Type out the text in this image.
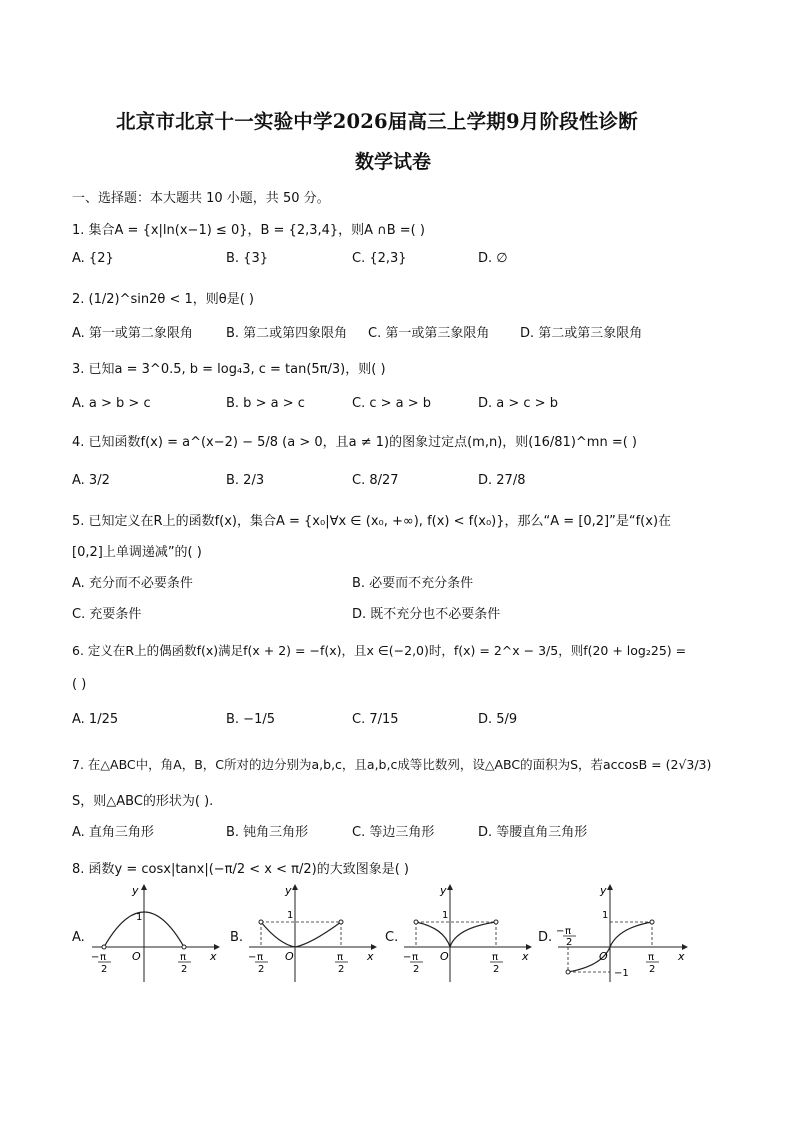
北京市北京十一实验中学2026届高三上学期9月阶段性诊断
数学试卷
一、选择题：本大题共 10 小题，共 50 分。
1. 集合A = {x|ln(x−1) ≤ 0}，B = {2,3,4}，则A ∩B =( )
A. {2}	B. {3}	C. {2,3}	D. ∅
2. (1/2)^sin2θ < 1，则θ是( )
A. 第一或第二象限角	B. 第二或第四象限角 C. 第一或第三象限角 D. 第二或第三象限角
3. 已知a = 3^0.5, b = log₄3, c = tan(5π/3)，则( )
A. a > b > c	B. b > a > c	C. c > a > b	D. a > c > b
4. 已知函数f(x) = a^(x−2) − 5/8 (a > 0，且a ≠ 1)的图象过定点(m,n)，则(16/81)^mn =( )
A. 3/2	B. 2/3	C. 8/27	D. 27/8
5. 已知定义在R上的函数f(x)，集合A = {x₀|∀x ∈ (x₀, +∞), f(x) < f(x₀)}，那么“A = [0,2]”是“f(x)在
[0,2]上单调递减”的( )
A. 充分而不必要条件	B. 必要而不充分条件
C. 充要条件	D. 既不充分也不必要条件
6. 定义在R上的偶函数f(x)满足f(x + 2) = −f(x)，且x ∈(−2,0)时，f(x) = 2^x − 3/5，则f(20 + log₂25) =
( )
A. 1/25	B. −1/5	C. 7/15	D. 5/9
7. 在△ABC中，角A，B，C所对的边分别为a,b,c，且a,b,c成等比数列，设△ABC的面积为S，若accosB = (2√3/3)
S，则△ABC的形状为( ).
A. 直角三角形	B. 钝角三角形	C. 等边三角形	D. 等腰直角三角形
8. 函数y = cosx|tanx|(−π/2 < x < π/2)的大致图象是( )
A.	B.	C.	D.
y
x
O
1
− π
2
π
2
y
x
O
1
− π
2
π
2
y
x
O
1
− π
2
π
2
y
x
O
1
−1
− π
2
π
2
